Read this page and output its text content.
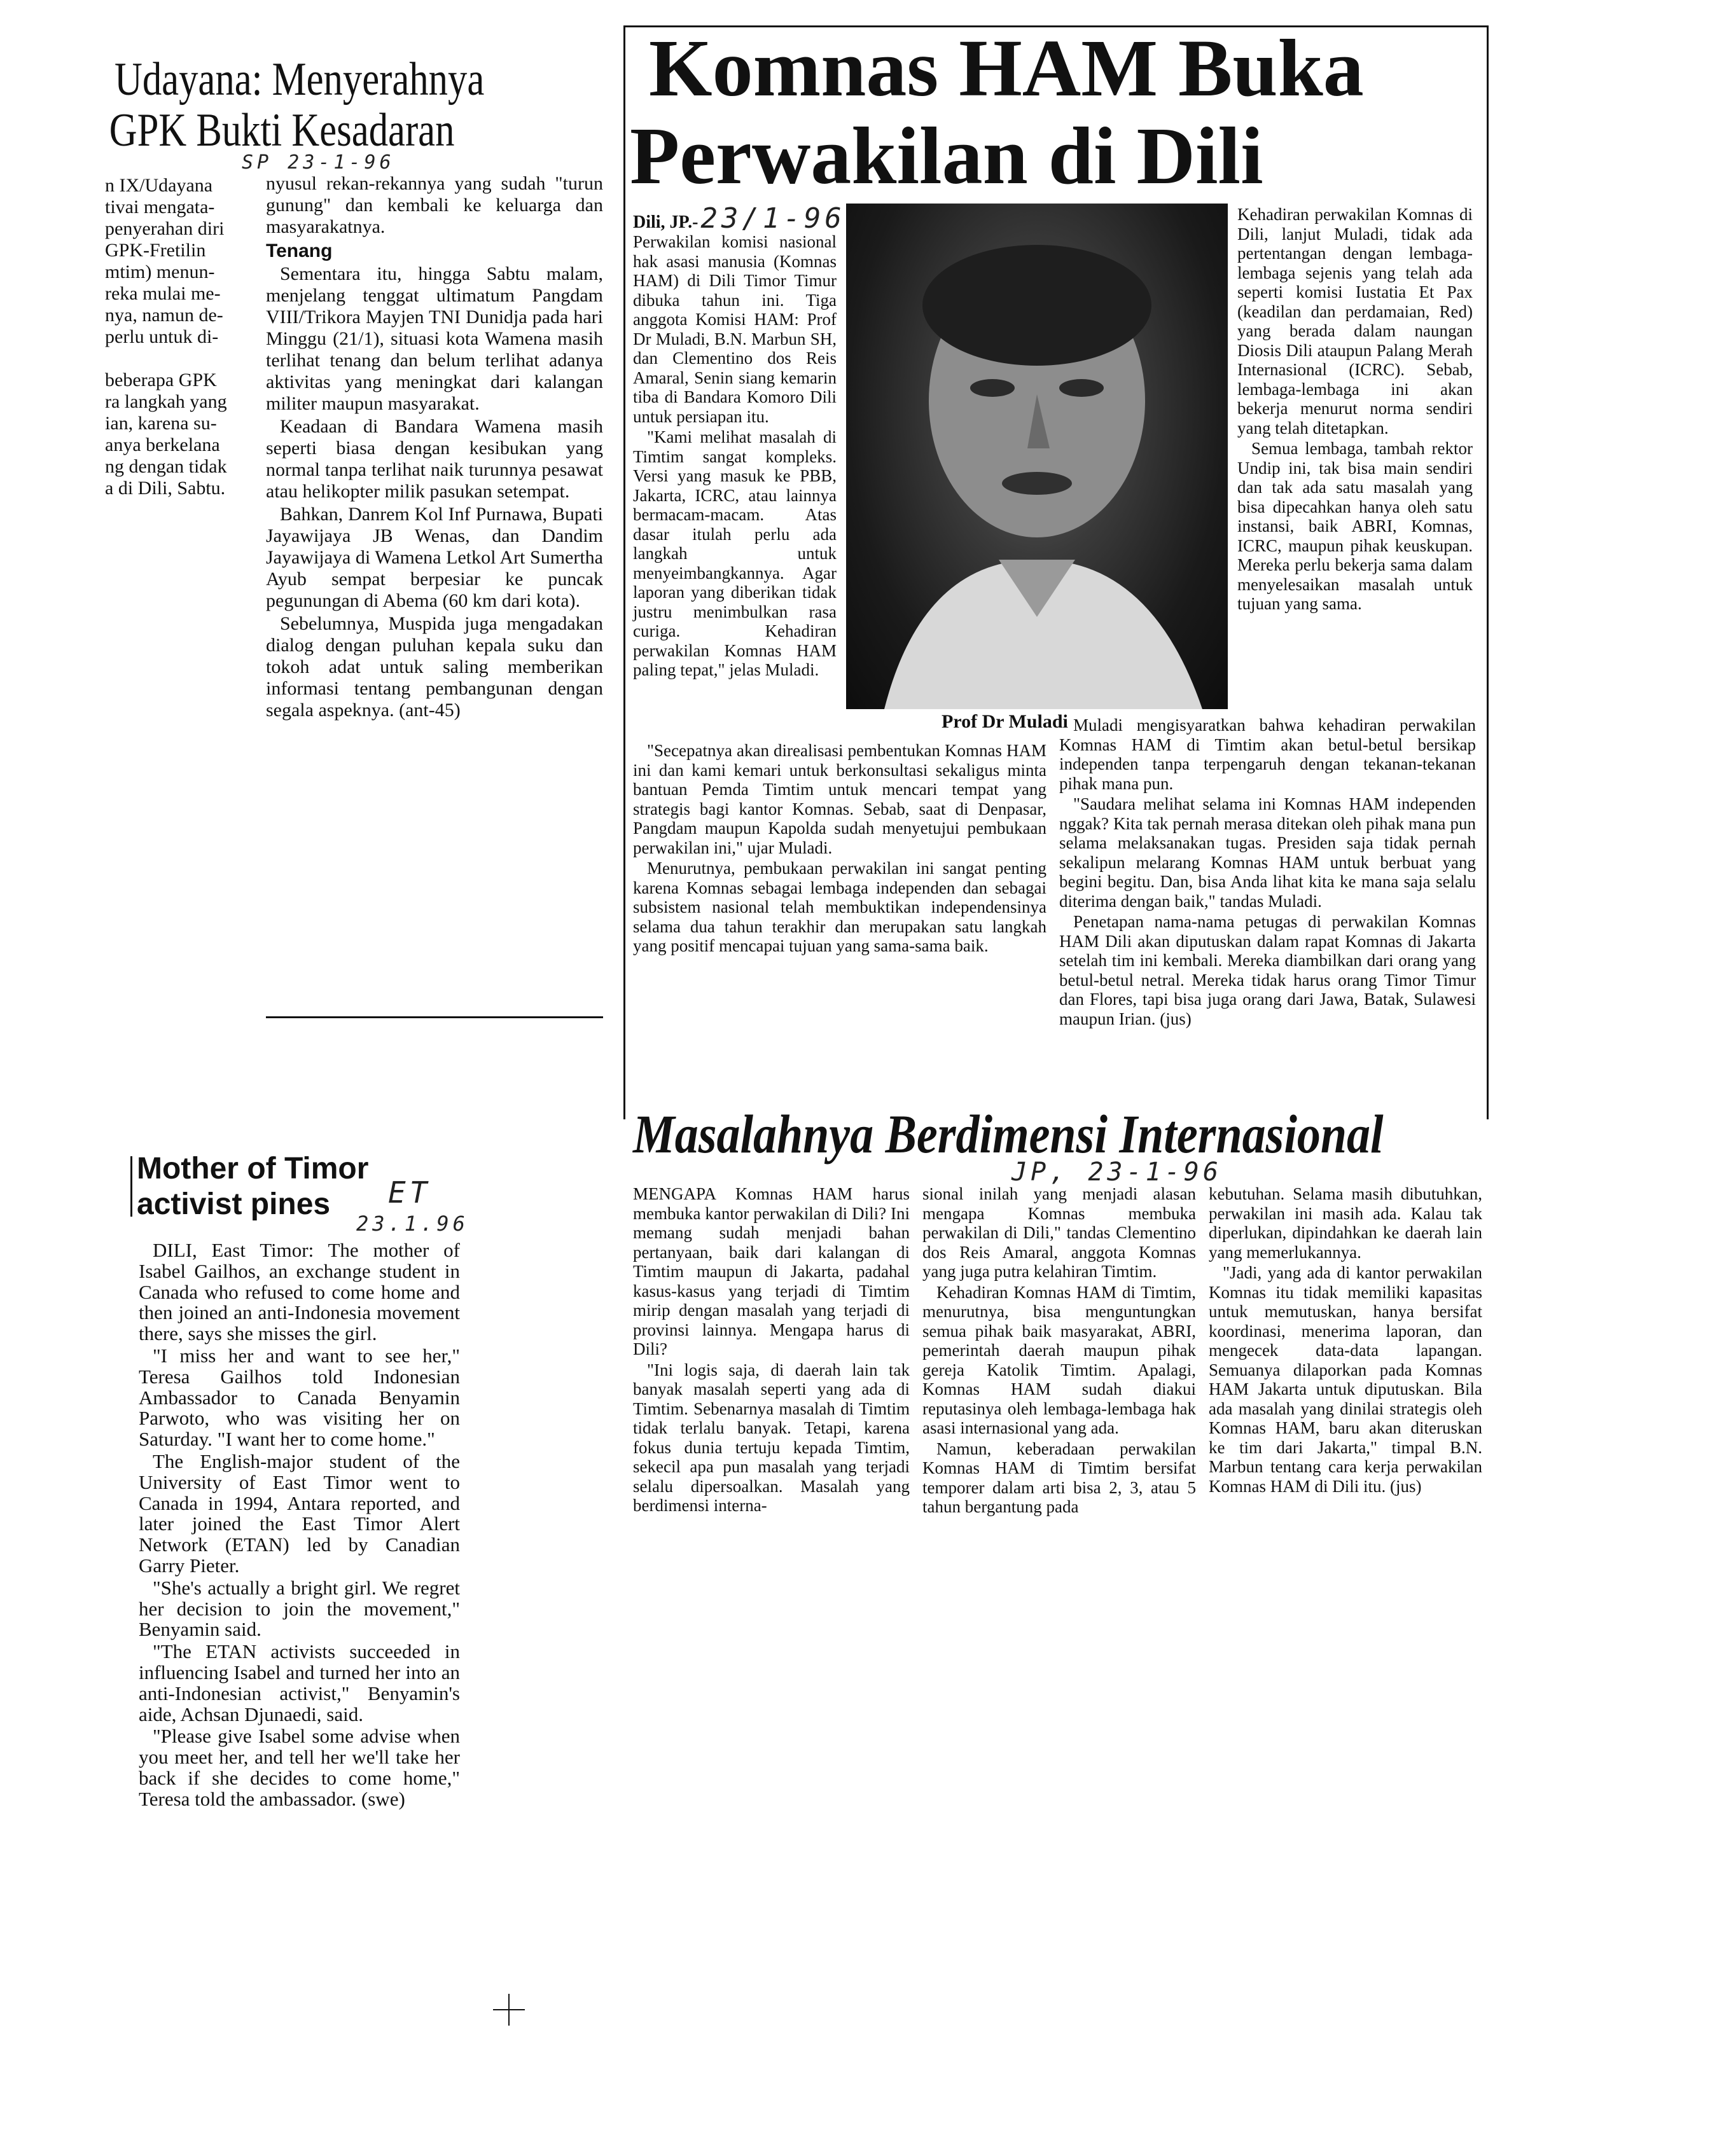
Udayana: Menyerahnya
GPK Bukti Kesadaran
SP 23-1-96
n IX/Udayana
tivai mengata-
penyerahan diri
GPK-Fretilin
mtim) menun-
reka mulai me-
nya, namun de-
perlu untuk di-
beberapa GPK
ra langkah yang
ian, karena su-
anya berkelana
ng dengan tidak
a di Dili, Sabtu.

nyusul rekan-rekannya yang sudah "turun gunung" dan kembali ke keluarga dan masyarakatnya.

Tenang

Sementara itu, hingga Sabtu malam, menjelang tenggat ultimatum Pangdam VIII/Trikora Mayjen TNI Dunidja pada hari Minggu (21/1), situasi kota Wamena masih terlihat tenang dan belum terlihat adanya aktivitas yang meningkat dari kalangan militer maupun masyarakat.

Keadaan di Bandara Wamena masih seperti biasa dengan kesibukan yang normal tanpa terlihat naik turunnya pesawat atau helikopter milik pasukan setempat.

Bahkan, Danrem Kol Inf Purnawa, Bupati Jayawijaya JB Wenas, dan Dandim Jayawijaya di Wamena Letkol Art Sumertha Ayub sempat berpesiar ke puncak pegunungan di Abema (60 km dari kota).

Sebelumnya, Muspida juga mengadakan dialog dengan puluhan kepala suku dan tokoh adat untuk saling memberikan informasi tentang pembangunan dengan segala aspeknya. (ant-45)

Komnas HAM Buka
Perwakilan di Dili
Dili, JP.- 23/1-96

Perwakilan komisi nasional hak asasi manusia (Komnas HAM) di Dili Timor Timur dibuka tahun ini. Tiga anggota Komisi HAM: Prof Dr Muladi, B.N. Marbun SH, dan Clementino dos Reis Amaral, Senin siang kemarin tiba di Bandara Komoro Dili untuk persiapan itu.

"Kami melihat masalah di Timtim sangat kompleks. Versi yang masuk ke PBB, Jakarta, ICRC, atau lainnya bermacam-macam. Atas dasar itulah perlu ada langkah untuk menyeimbangkannya. Agar laporan yang diberikan tidak justru menimbulkan rasa curiga. Kehadiran perwakilan Komnas HAM paling tepat," jelas Muladi.

Prof Dr Muladi

Kehadiran perwakilan Komnas di Dili, lanjut Muladi, tidak ada pertentangan dengan lembaga-lembaga sejenis yang telah ada seperti komisi Iustatia Et Pax (keadilan dan perdamaian, Red) yang berada dalam naungan Diosis Dili ataupun Palang Merah Internasional (ICRC). Sebab, lembaga-lembaga ini akan bekerja menurut norma sendiri yang telah ditetapkan.

Semua lembaga, tambah rektor Undip ini, tak bisa main sendiri dan tak ada satu masalah yang bisa dipecahkan hanya oleh satu instansi, baik ABRI, Komnas, ICRC, maupun pihak keuskupan. Mereka perlu bekerja sama dalam menyelesaikan masalah untuk tujuan yang sama.

"Secepatnya akan direalisasi pembentukan Komnas HAM ini dan kami kemari untuk berkonsultasi sekaligus minta bantuan Pemda Timtim untuk mencari tempat yang strategis bagi kantor Komnas. Sebab, saat di Denpasar, Pangdam maupun Kapolda sudah menyetujui pembukaan perwakilan ini," ujar Muladi.

Menurutnya, pembukaan perwakilan ini sangat penting karena Komnas sebagai lembaga independen dan sebagai subsistem nasional telah membuktikan independensinya selama dua tahun terakhir dan merupakan satu langkah yang positif mencapai tujuan yang sama-sama baik.

Muladi mengisyaratkan bahwa kehadiran perwakilan Komnas HAM di Timtim akan betul-betul bersikap independen tanpa terpengaruh dengan tekanan-tekanan pihak mana pun.

"Saudara melihat selama ini Komnas HAM independen nggak? Kita tak pernah merasa ditekan oleh pihak mana pun selama melaksanakan tugas. Presiden saja tidak pernah sekalipun melarang Komnas HAM untuk berbuat yang begini begitu. Dan, bisa Anda lihat kita ke mana saja selalu diterima dengan baik," tandas Muladi.

Penetapan nama-nama petugas di perwakilan Komnas HAM Dili akan diputuskan dalam rapat Komnas di Jakarta setelah tim ini kembali. Mereka diambilkan dari orang yang betul-betul netral. Mereka tidak harus orang Timor Timur dan Flores, tapi bisa juga orang dari Jawa, Batak, Sulawesi maupun Irian. (jus)

Masalahnya Berdimensi Internasional
JP, 23-1-96

MENGAPA Komnas HAM harus membuka kantor perwakilan di Dili? Ini memang sudah menjadi bahan pertanyaan, baik dari kalangan di Timtim maupun di Jakarta, padahal kasus-kasus yang terjadi di Timtim mirip dengan masalah yang terjadi di provinsi lainnya. Mengapa harus di Dili?

"Ini logis saja, di daerah lain tak banyak masalah seperti yang ada di Timtim. Sebenarnya masalah di Timtim tidak terlalu banyak. Tetapi, karena fokus dunia tertuju kepada Timtim, sekecil apa pun masalah yang terjadi selalu dipersoalkan. Masalah yang berdimensi interna-

sional inilah yang menjadi alasan mengapa Komnas membuka perwakilan di Dili," tandas Clementino dos Reis Amaral, anggota Komnas yang juga putra kelahiran Timtim.

Kehadiran Komnas HAM di Timtim, menurutnya, bisa menguntungkan semua pihak baik masyarakat, ABRI, pemerintah daerah maupun pihak gereja Katolik Timtim. Apalagi, Komnas HAM sudah diakui reputasinya oleh lembaga-lembaga hak asasi internasional yang ada.

Namun, keberadaan perwakilan Komnas HAM di Timtim bersifat temporer dalam arti bisa 2, 3, atau 5 tahun bergantung pada

kebutuhan. Selama masih dibutuhkan, perwakilan ini masih ada. Kalau tak diperlukan, dipindahkan ke daerah lain yang memerlukannya.

"Jadi, yang ada di kantor perwakilan Komnas itu tidak memiliki kapasitas untuk memutuskan, hanya bersifat koordinasi, menerima laporan, dan mengecek data-data lapangan. Semuanya dilaporkan pada Komnas HAM Jakarta untuk diputuskan. Bila ada masalah yang dinilai strategis oleh Komnas HAM, baru akan diteruskan ke tim dari Jakarta," timpal B.N. Marbun tentang cara kerja perwakilan Komnas HAM di Dili itu. (jus)

Mother of Timor
activist pines	ET
23.1.96

DILI, East Timor: The mother of Isabel Gailhos, an exchange student in Canada who refused to come home and then joined an anti-Indonesia movement there, says she misses the girl.

"I miss her and want to see her," Teresa Gailhos told Indonesian Ambassador to Canada Benyamin Parwoto, who was visiting her on Saturday. "I want her to come home."

The English-major student of the University of East Timor went to Canada in 1994, Antara reported, and later joined the East Timor Alert Network (ETAN) led by Canadian Garry Pieter.

"She's actually a bright girl. We regret her decision to join the movement," Benyamin said.

"The ETAN activists succeeded in influencing Isabel and turned her into an anti-Indonesian activist," Benyamin's aide, Achsan Djunaedi, said.

"Please give Isabel some advise when you meet her, and tell her we'll take her back if she decides to come home," Teresa told the ambassador. (swe)
